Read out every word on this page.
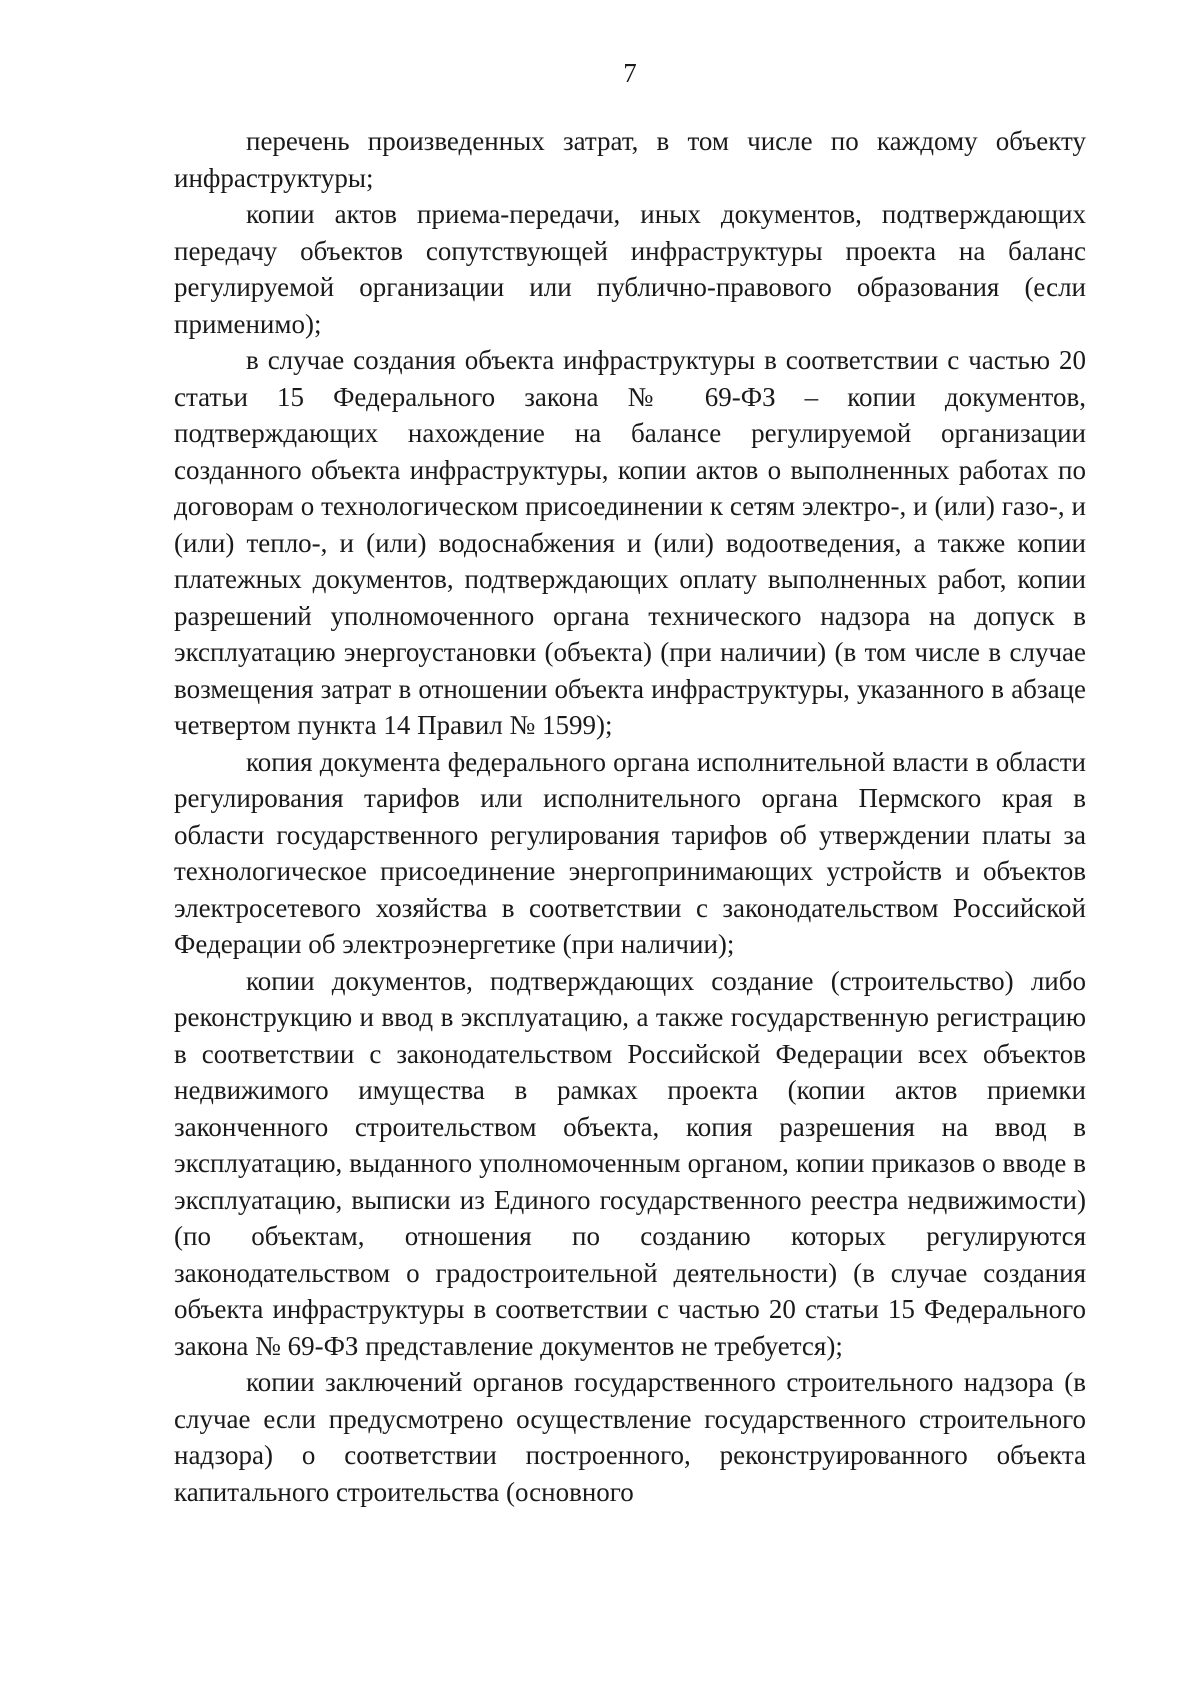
7

перечень произведенных затрат, в том числе по каждому объекту инфраструктуры;

копии актов приема-передачи, иных документов, подтверждающих передачу объектов сопутствующей инфраструктуры проекта на баланс регулируемой организации или публично-правового образования (если применимо);

в случае создания объекта инфраструктуры в соответствии с частью 20 статьи 15 Федерального закона № 69-ФЗ – копии документов, подтверждающих нахождение на балансе регулируемой организации созданного объекта инфраструктуры, копии актов о выполненных работах по договорам о технологическом присоединении к сетям электро-, и (или) газо-, и (или) тепло-, и (или) водоснабжения и (или) водоотведения, а также копии платежных документов, подтверждающих оплату выполненных работ, копии разрешений уполномоченного органа технического надзора на допуск в эксплуатацию энергоустановки (объекта) (при наличии) (в том числе в случае возмещения затрат в отношении объекта инфраструктуры, указанного в абзаце четвертом пункта 14 Правил № 1599);

копия документа федерального органа исполнительной власти в области регулирования тарифов или исполнительного органа Пермского края в области государственного регулирования тарифов об утверждении платы за технологическое присоединение энергопринимающих устройств и объектов электросетевого хозяйства в соответствии с законодательством Российской Федерации об электроэнергетике (при наличии);

копии документов, подтверждающих создание (строительство) либо реконструкцию и ввод в эксплуатацию, а также государственную регистрацию в соответствии с законодательством Российской Федерации всех объектов недвижимого имущества в рамках проекта (копии актов приемки законченного строительством объекта, копия разрешения на ввод в эксплуатацию, выданного уполномоченным органом, копии приказов о вводе в эксплуатацию, выписки из Единого государственного реестра недвижимости) (по объектам, отношения по созданию которых регулируются законодательством о градостроительной деятельности) (в случае создания объекта инфраструктуры в соответствии с частью 20 статьи 15 Федерального закона № 69-ФЗ представление документов не требуется);

копии заключений органов государственного строительного надзора (в случае если предусмотрено осуществление государственного строительного надзора) о соответствии построенного, реконструированного объекта капитального строительства (основного
